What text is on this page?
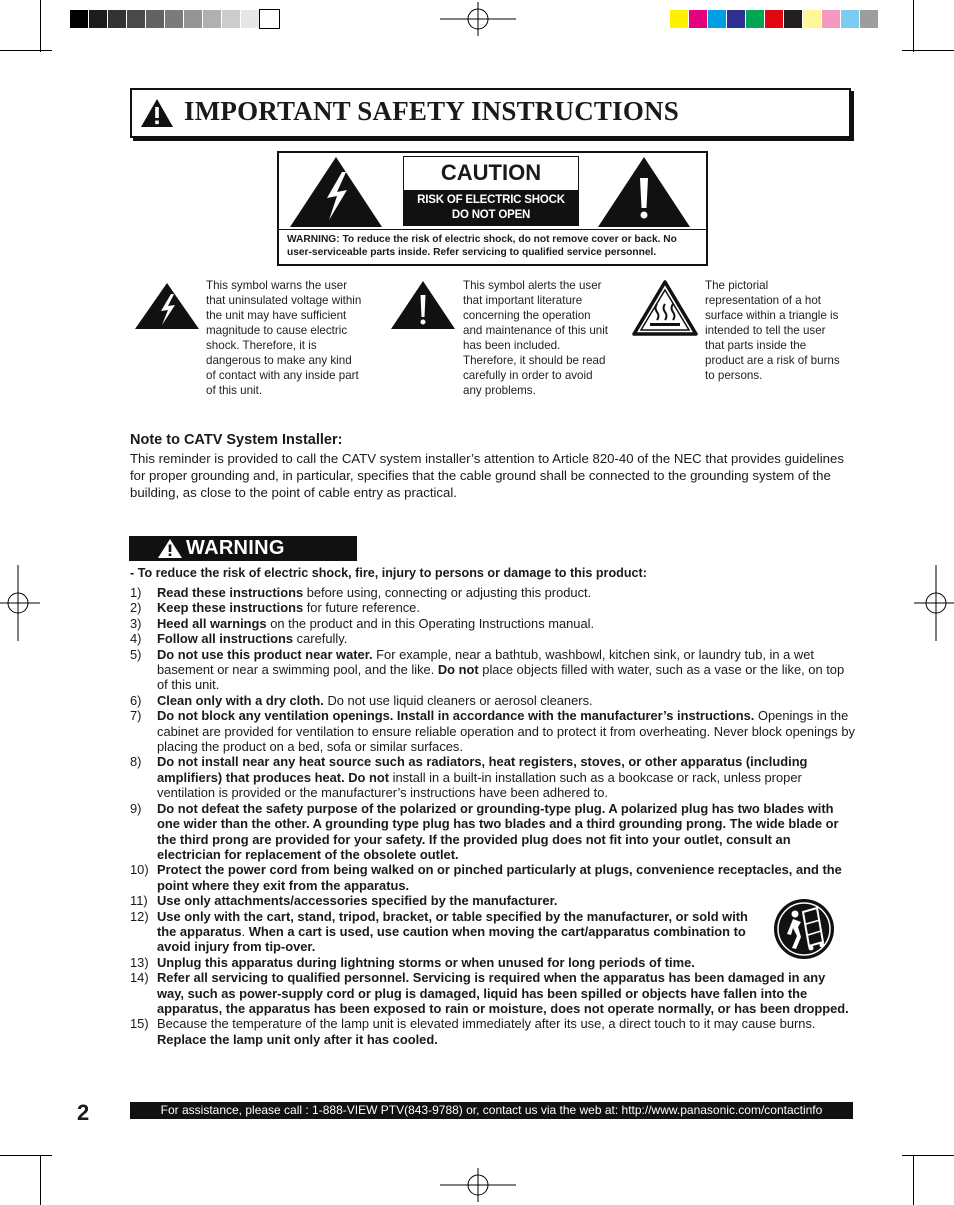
IMPORTANT SAFETY INSTRUCTIONS
CAUTION
RISK OF ELECTRIC SHOCK
DO NOT OPEN
WARNING: To reduce the risk of electric shock, do not remove cover or back. No user-serviceable parts inside. Refer servicing to qualified service personnel.
This symbol warns the user that uninsulated voltage within the unit may have sufficient magnitude to cause electric shock. Therefore, it is dangerous to make any kind of contact with any inside part of this unit.
This symbol alerts the user that important literature concerning the operation and maintenance of this unit has been included. Therefore, it should be read carefully in order to avoid any problems.
The pictorial representation of a hot surface within a triangle is intended to tell the user that parts inside the product are a risk of burns to persons.
Note to CATV System Installer:
This reminder is provided to call the CATV system installer’s attention to Article 820-40 of the NEC that provides guidelines for proper grounding and, in particular, specifies that the cable ground shall be connected to the grounding system of the building, as close to the point of cable entry as practical.
WARNING
- To reduce the risk of electric shock, fire, injury to persons or damage to this product:
1)	Read these instructions before using, connecting or adjusting this product.
2)	Keep these instructions for future reference.
3)	Heed all warnings on the product and in this Operating Instructions manual.
4)	Follow all instructions carefully.
5)	Do not use this product near water. For example, near a bathtub, washbowl, kitchen sink, or laundry tub, in a wet basement or near a swimming pool, and the like. Do not place objects filled with water, such as a vase or the like, on top of this unit.
6)	Clean only with a dry cloth. Do not use liquid cleaners or aerosol cleaners.
7)	Do not block any ventilation openings. Install in accordance with the manufacturer’s instructions. Openings in the cabinet are provided for ventilation to ensure reliable operation and to protect it from overheating. Never block openings by placing the product on a bed, sofa or similar surfaces.
8)	Do not install near any heat source such as radiators, heat registers, stoves, or other apparatus (including amplifiers) that produces heat. Do not install in a built-in installation such as a bookcase or rack, unless proper ventilation is provided or the manufacturer’s instructions have been adhered to.
9)	Do not defeat the safety purpose of the polarized or grounding-type plug. A polarized plug has two blades with one wider than the other. A grounding type plug has two blades and a third grounding prong. The wide blade or the third prong are provided for your safety. If the provided plug does not fit into your outlet, consult an electrician for replacement of the obsolete outlet.
10) Protect the power cord from being walked on or pinched particularly at plugs, convenience receptacles, and the point where they exit from the apparatus.
11) Use only attachments/accessories specified by the manufacturer.
12) Use only with the cart, stand, tripod, bracket, or table specified by the manufacturer, or sold with the apparatus. When a cart is used, use caution when moving the cart/apparatus combination to avoid injury from tip-over.
13) Unplug this apparatus during lightning storms or when unused for long periods of time.
14) Refer all servicing to qualified personnel. Servicing is required when the apparatus has been damaged in any way, such as power-supply cord or plug is damaged, liquid has been spilled or objects have fallen into the apparatus, the apparatus has been exposed to rain or moisture, does not operate normally, or has been dropped.
15) Because the temperature of the lamp unit is elevated immediately after its use, a direct touch to it may cause burns. Replace the lamp unit only after it has cooled.
2	For assistance, please call : 1-888-VIEW PTV(843-9788) or, contact us via the web at: http://www.panasonic.com/contactinfo
